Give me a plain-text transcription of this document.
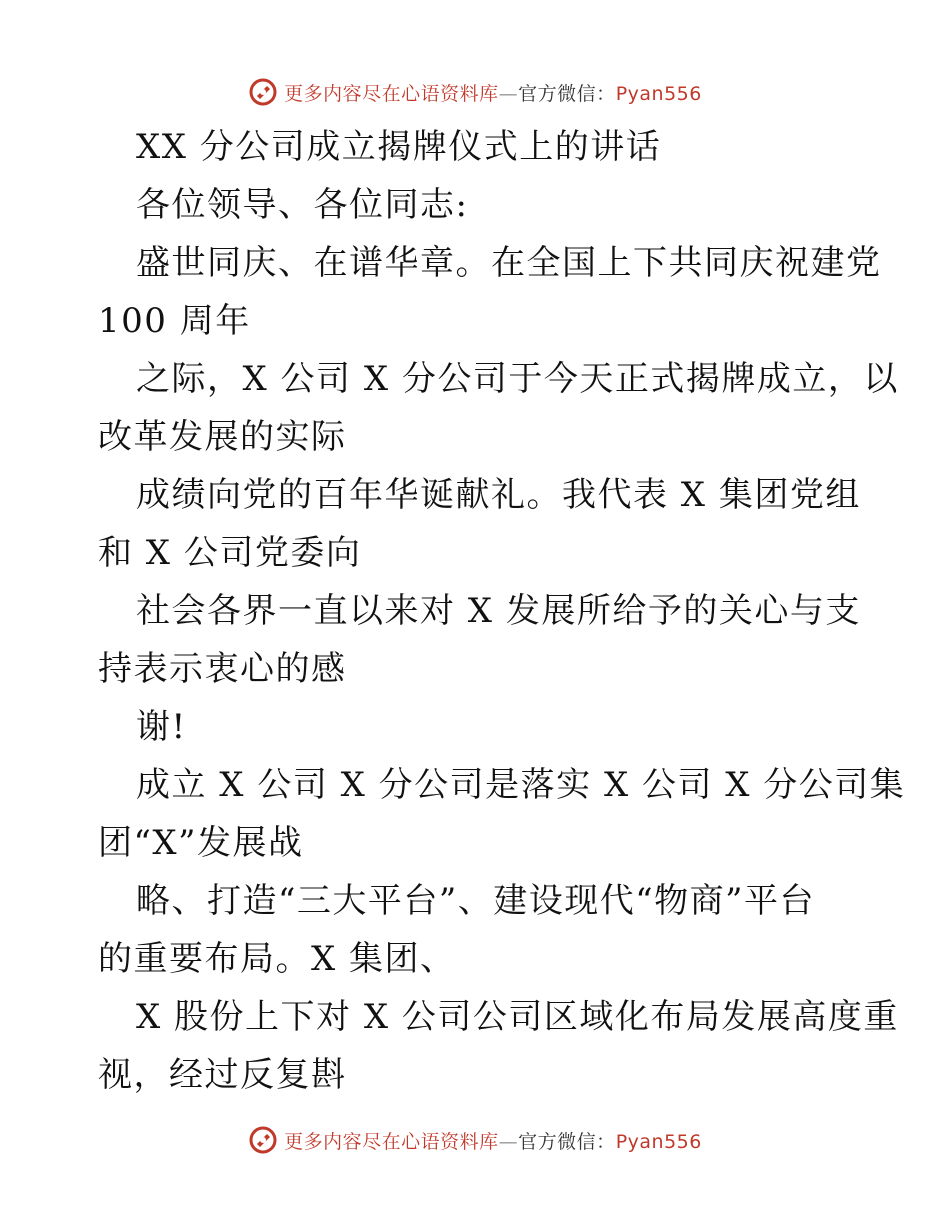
更多内容尽在心语资料库—官方微信：Pyan556
XX 分公司成立揭牌仪式上的讲话
各位领导、各位同志:
盛世同庆、在谱华章。在全国上下共同庆祝建党
100 周年
之际，X 公司 X 分公司于今天正式揭牌成立，以
改革发展的实际
成绩向党的百年华诞献礼。我代表 X 集团党组
和 X 公司党委向
社会各界一直以来对 X 发展所给予的关心与支
持表示衷心的感
谢!
成立 X 公司 X 分公司是落实 X 公司 X 分公司集
团“X”发展战
略、打造“三大平台”、建设现代“物商”平台
的重要布局。X 集团、
X 股份上下对 X 公司公司区域化布局发展高度重
视，经过反复斟
更多内容尽在心语资料库—官方微信：Pyan556
